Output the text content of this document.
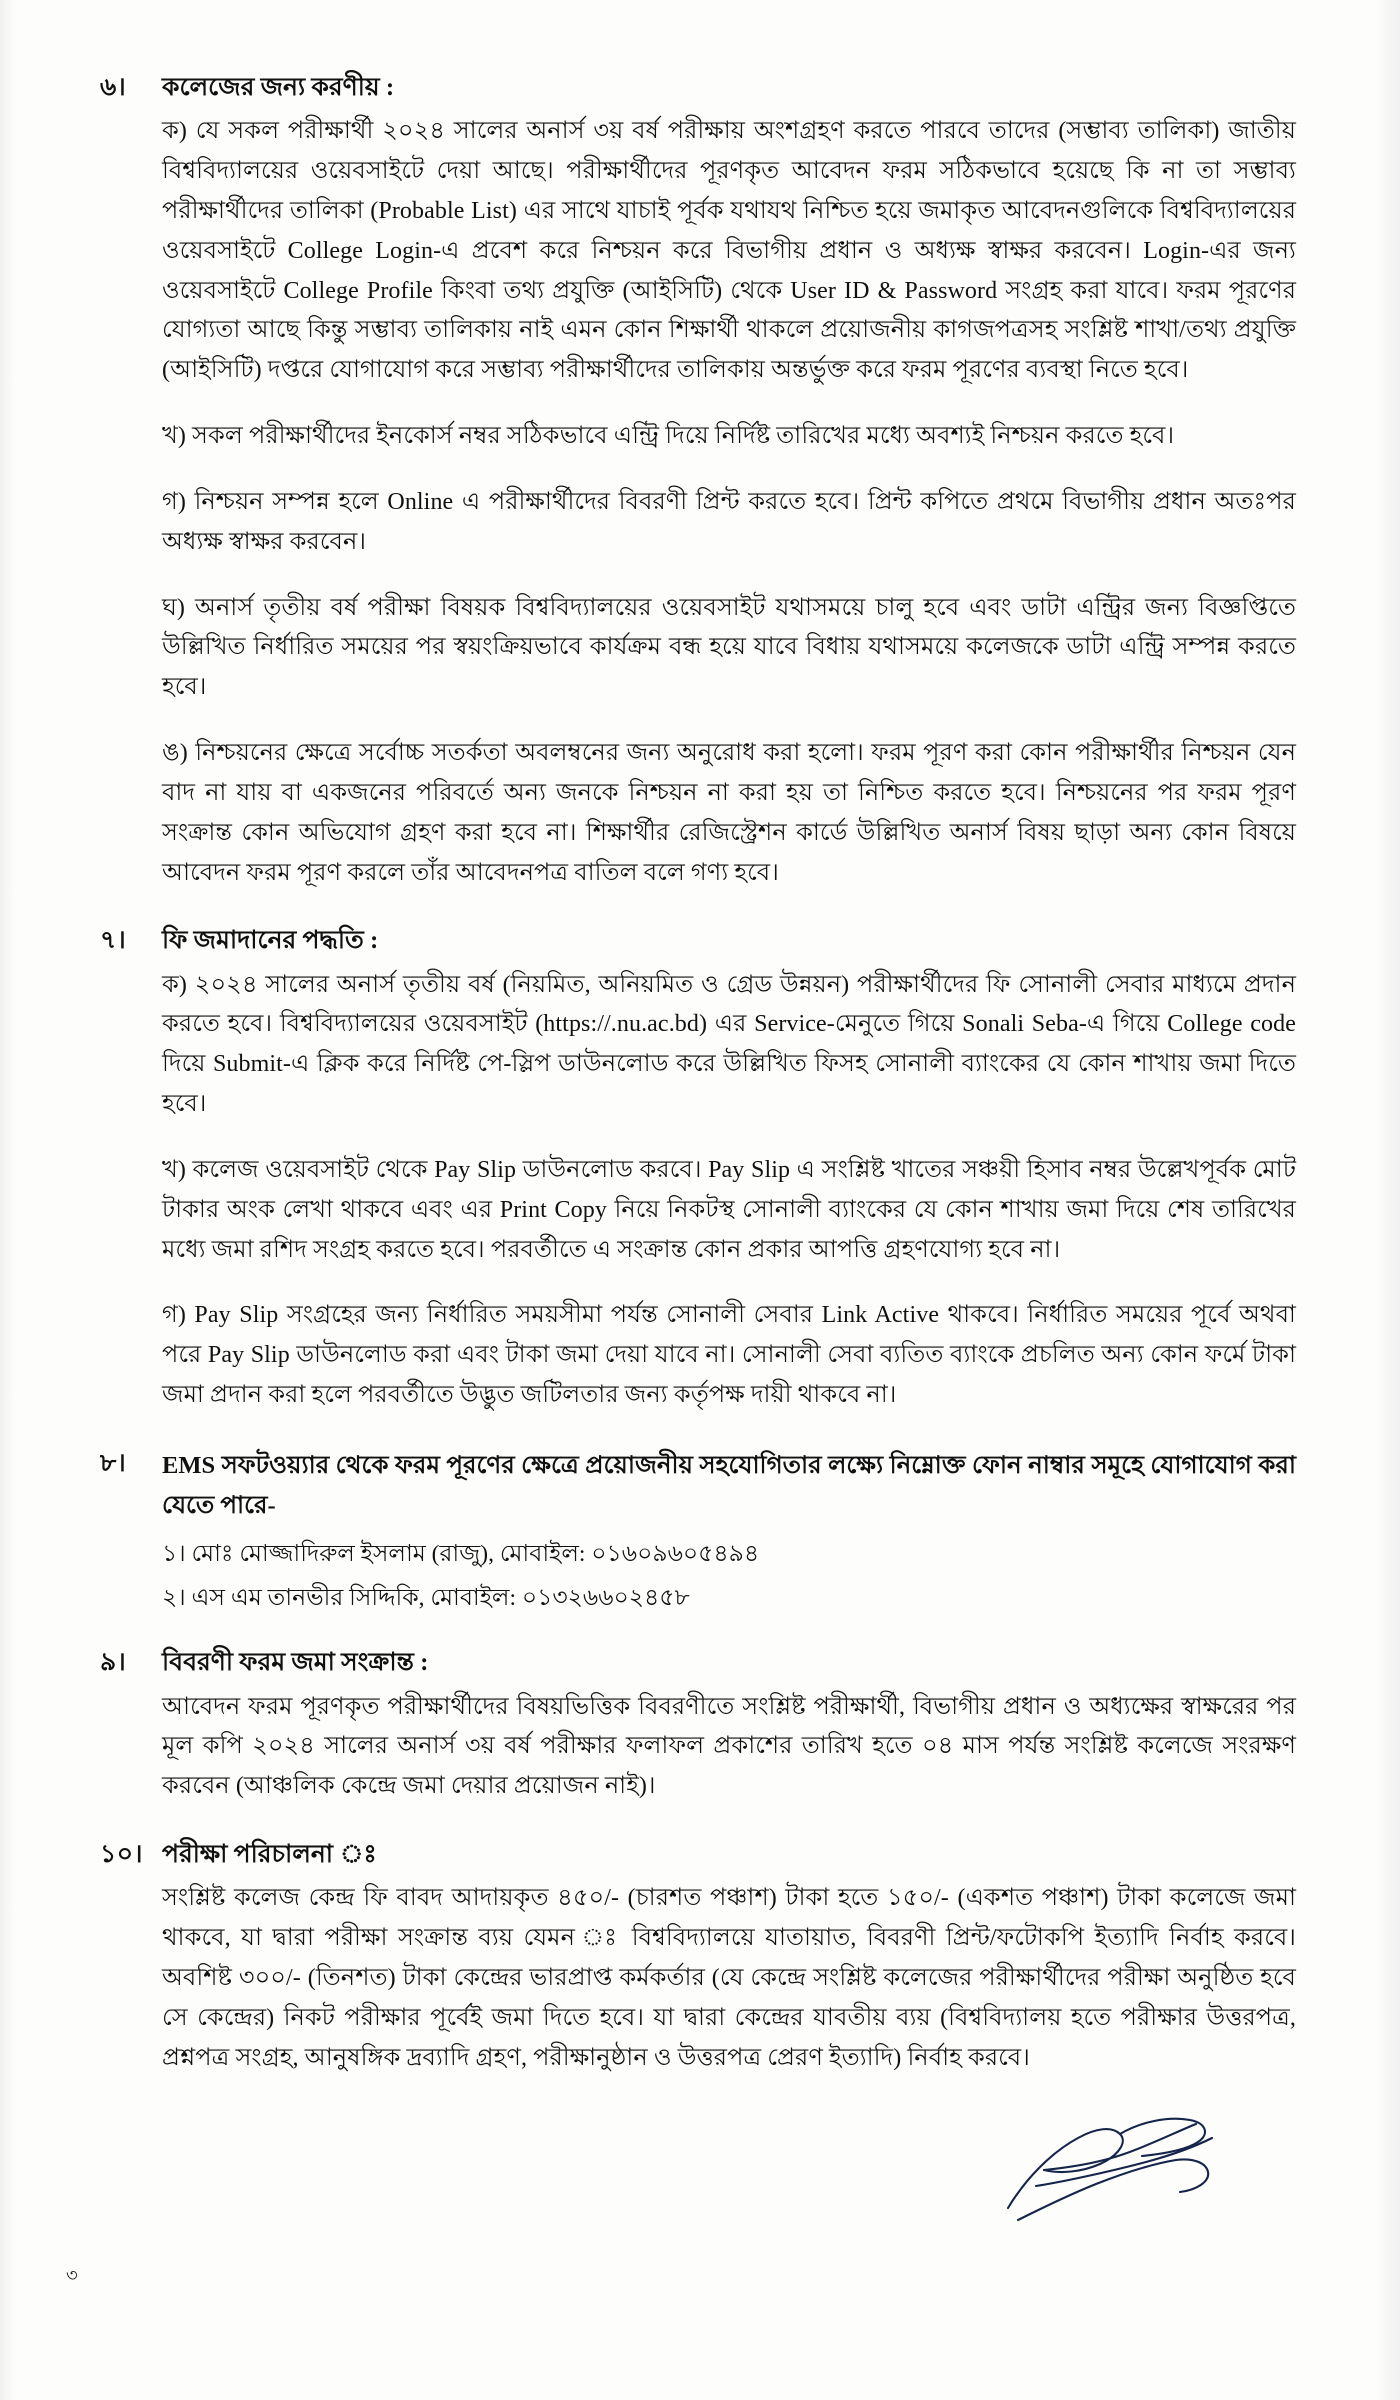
৬।	কলেজের জন্য করণীয় :

ক) যে সকল পরীক্ষার্থী ২০২৪ সালের অনার্স ৩য় বর্ষ পরীক্ষায় অংশগ্রহণ করতে পারবে তাদের (সম্ভাব্য তালিকা) জাতীয় বিশ্ববিদ্যালয়ের ওয়েবসাইটে দেয়া আছে। পরীক্ষার্থীদের পূরণকৃত আবেদন ফরম সঠিকভাবে হয়েছে কি না তা সম্ভাব্য পরীক্ষার্থীদের তালিকা (Probable List) এর সাথে যাচাই পূর্বক যথাযথ নিশ্চিত হয়ে জমাকৃত আবেদনগুলিকে বিশ্ববিদ্যালয়ের ওয়েবসাইটে College Login-এ প্রবেশ করে নিশ্চয়ন করে বিভাগীয় প্রধান ও অধ্যক্ষ স্বাক্ষর করবেন। Login-এর জন্য ওয়েবসাইটে College Profile কিংবা তথ্য প্রযুক্তি (আইসিটি) থেকে User ID & Password সংগ্রহ করা যাবে। ফরম পূরণের যোগ্যতা আছে কিন্তু সম্ভাব্য তালিকায় নাই এমন কোন শিক্ষার্থী থাকলে প্রয়োজনীয় কাগজপত্রসহ সংশ্লিষ্ট শাখা/তথ্য প্রযুক্তি (আইসিটি) দপ্তরে যোগাযোগ করে সম্ভাব্য পরীক্ষার্থীদের তালিকায় অন্তর্ভুক্ত করে ফরম পূরণের ব্যবস্থা নিতে হবে।

খ) সকল পরীক্ষার্থীদের ইনকোর্স নম্বর সঠিকভাবে এন্ট্রি দিয়ে নির্দিষ্ট তারিখের মধ্যে অবশ্যই নিশ্চয়ন করতে হবে।

গ) নিশ্চয়ন সম্পন্ন হলে Online এ পরীক্ষার্থীদের বিবরণী প্রিন্ট করতে হবে। প্রিন্ট কপিতে প্রথমে বিভাগীয় প্রধান অতঃপর অধ্যক্ষ স্বাক্ষর করবেন।

ঘ) অনার্স তৃতীয় বর্ষ পরীক্ষা বিষয়ক বিশ্ববিদ্যালয়ের ওয়েবসাইট যথাসময়ে চালু হবে এবং ডাটা এন্ট্রির জন্য বিজ্ঞপ্তিতে উল্লিখিত নির্ধারিত সময়ের পর স্বয়ংক্রিয়ভাবে কার্যক্রম বন্ধ হয়ে যাবে বিধায় যথাসময়ে কলেজকে ডাটা এন্ট্রি সম্পন্ন করতে হবে।

ঙ) নিশ্চয়নের ক্ষেত্রে সর্বোচ্চ সতর্কতা অবলম্বনের জন্য অনুরোধ করা হলো। ফরম পূরণ করা কোন পরীক্ষার্থীর নিশ্চয়ন যেন বাদ না যায় বা একজনের পরিবর্তে অন্য জনকে নিশ্চয়ন না করা হয় তা নিশ্চিত করতে হবে। নিশ্চয়নের পর ফরম পূরণ সংক্রান্ত কোন অভিযোগ গ্রহণ করা হবে না। শিক্ষার্থীর রেজিস্ট্রেশন কার্ডে উল্লিখিত অনার্স বিষয় ছাড়া অন্য কোন বিষয়ে আবেদন ফরম পূরণ করলে তাঁর আবেদনপত্র বাতিল বলে গণ্য হবে।

৭।	ফি জমাদানের পদ্ধতি :

ক) ২০২৪ সালের অনার্স তৃতীয় বর্ষ (নিয়মিত, অনিয়মিত ও গ্রেড উন্নয়ন) পরীক্ষার্থীদের ফি সোনালী সেবার মাধ্যমে প্রদান করতে হবে। বিশ্ববিদ্যালয়ের ওয়েবসাইট (https://.nu.ac.bd) এর Service-মেনুতে গিয়ে Sonali Seba-এ গিয়ে College code দিয়ে Submit-এ ক্লিক করে নির্দিষ্ট পে-স্লিপ ডাউনলোড করে উল্লিখিত ফিসহ সোনালী ব্যাংকের যে কোন শাখায় জমা দিতে হবে।

খ) কলেজ ওয়েবসাইট থেকে Pay Slip ডাউনলোড করবে। Pay Slip এ সংশ্লিষ্ট খাতের সঞ্চয়ী হিসাব নম্বর উল্লেখপূর্বক মোট টাকার অংক লেখা থাকবে এবং এর Print Copy নিয়ে নিকটস্থ সোনালী ব্যাংকের যে কোন শাখায় জমা দিয়ে শেষ তারিখের মধ্যে জমা রশিদ সংগ্রহ করতে হবে। পরবর্তীতে এ সংক্রান্ত কোন প্রকার আপত্তি গ্রহণযোগ্য হবে না।

গ) Pay Slip সংগ্রহের জন্য নির্ধারিত সময়সীমা পর্যন্ত সোনালী সেবার Link Active থাকবে। নির্ধারিত সময়ের পূর্বে অথবা পরে Pay Slip ডাউনলোড করা এবং টাকা জমা দেয়া যাবে না। সোনালী সেবা ব্যতিত ব্যাংকে প্রচলিত অন্য কোন ফর্মে টাকা জমা প্রদান করা হলে পরবর্তীতে উদ্ভুত জটিলতার জন্য কর্তৃপক্ষ দায়ী থাকবে না।

৮।	EMS সফটওয়্যার থেকে ফরম পূরণের ক্ষেত্রে প্রয়োজনীয় সহযোগিতার লক্ষ্যে নিম্নোক্ত ফোন নাম্বার সমূহে যোগাযোগ করা যেতে পারে-

১। মোঃ মোজ্জাদিরুল ইসলাম (রাজু), মোবাইল: ০১৬০৯৬০৫৪৯৪

২। এস এম তানভীর সিদ্দিকি, মোবাইল: ০১৩২৬৬০২৪৫৮

৯।	বিবরণী ফরম জমা সংক্রান্ত :

আবেদন ফরম পূরণকৃত পরীক্ষার্থীদের বিষয়ভিত্তিক বিবরণীতে সংশ্লিষ্ট পরীক্ষার্থী, বিভাগীয় প্রধান ও অধ্যক্ষের স্বাক্ষরের পর মূল কপি ২০২৪ সালের অনার্স ৩য় বর্ষ পরীক্ষার ফলাফল প্রকাশের তারিখ হতে ০৪ মাস পর্যন্ত সংশ্লিষ্ট কলেজে সংরক্ষণ করবেন (আঞ্চলিক কেন্দ্রে জমা দেয়ার প্রয়োজন নাই)।

১০। পরীক্ষা পরিচালনা ঃ

সংশ্লিষ্ট কলেজ কেন্দ্র ফি বাবদ আদায়কৃত ৪৫০/- (চারশত পঞ্চাশ) টাকা হতে ১৫০/- (একশত পঞ্চাশ) টাকা কলেজে জমা থাকবে, যা দ্বারা পরীক্ষা সংক্রান্ত ব্যয় যেমন ঃ বিশ্ববিদ্যালয়ে যাতায়াত, বিবরণী প্রিন্ট/ফটোকপি ইত্যাদি নির্বাহ করবে। অবশিষ্ট ৩০০/- (তিনশত) টাকা কেন্দ্রের ভারপ্রাপ্ত কর্মকর্তার (যে কেন্দ্রে সংশ্লিষ্ট কলেজের পরীক্ষার্থীদের পরীক্ষা অনুষ্ঠিত হবে সে কেন্দ্রের) নিকট পরীক্ষার পূর্বেই জমা দিতে হবে। যা দ্বারা কেন্দ্রের যাবতীয় ব্যয় (বিশ্ববিদ্যালয় হতে পরীক্ষার উত্তরপত্র, প্রশ্নপত্র সংগ্রহ, আনুষঙ্গিক দ্রব্যাদি গ্রহণ, পরীক্ষানুষ্ঠান ও উত্তরপত্র প্রেরণ ইত্যাদি) নির্বাহ করবে।

৩
